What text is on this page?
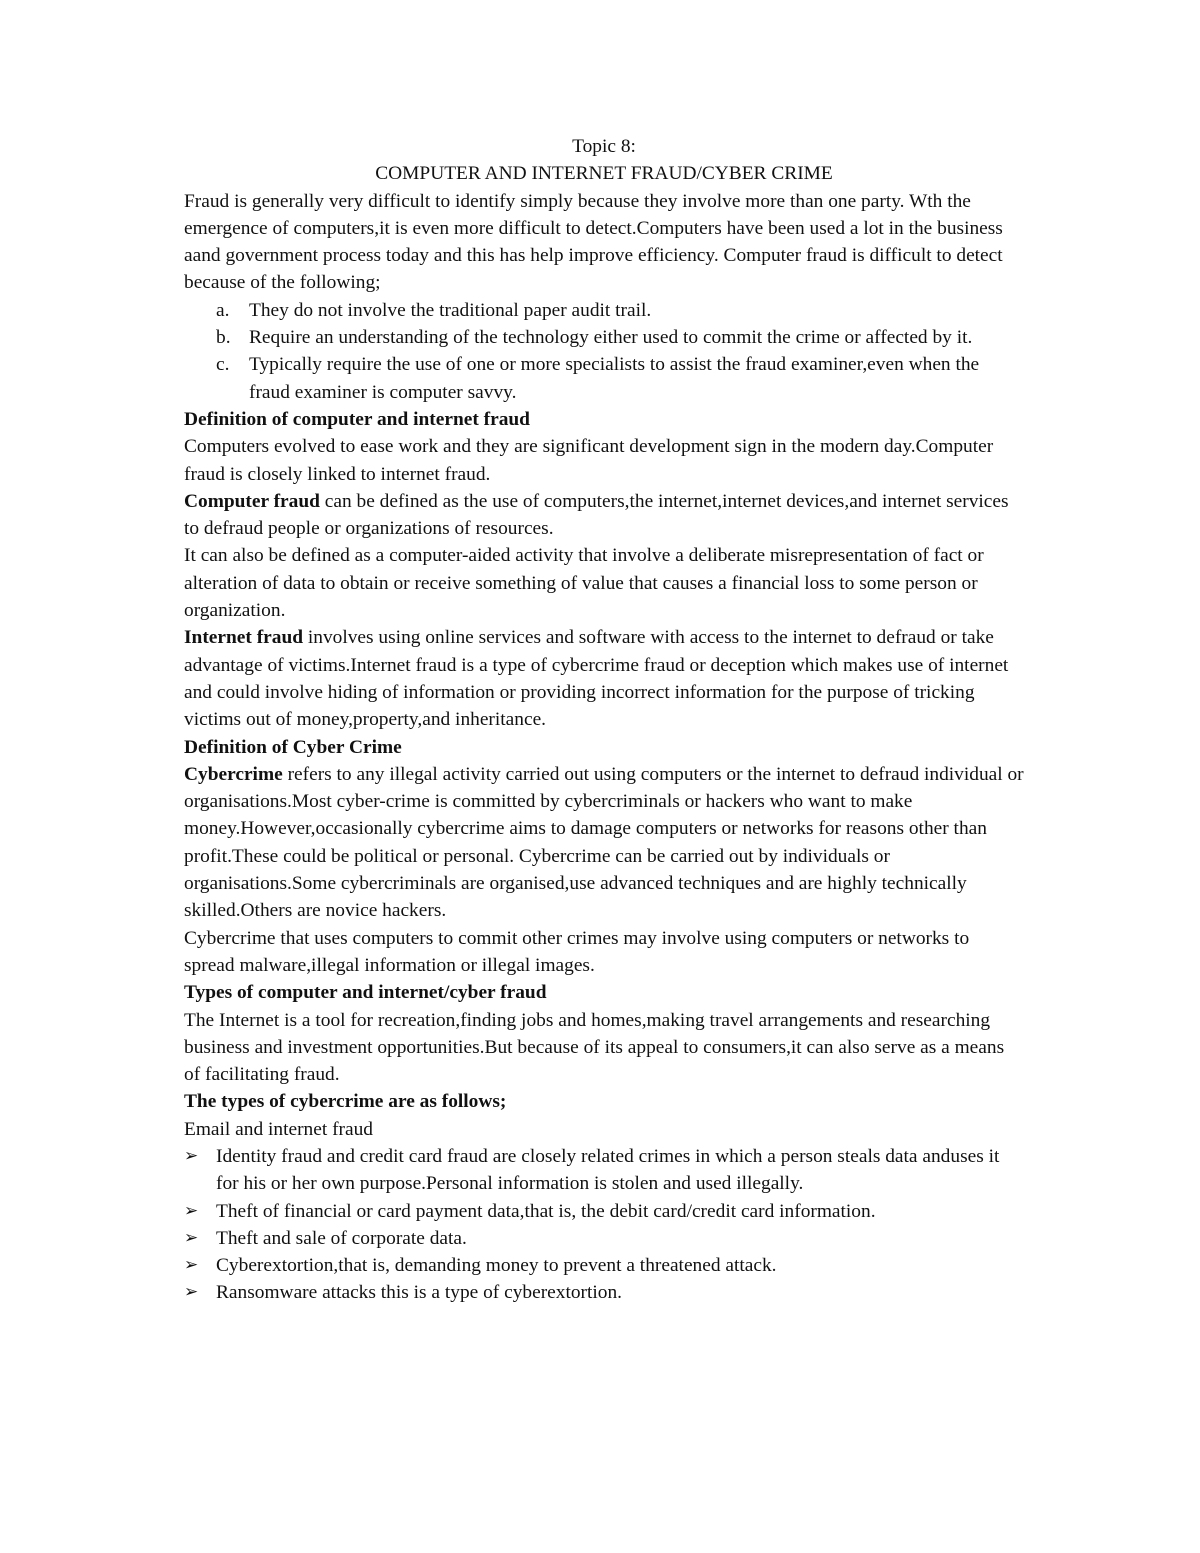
Topic 8:

COMPUTER AND INTERNET FRAUD/CYBER CRIME

Fraud is generally very difficult to identify simply because they involve more than one party. Wth the emergence of computers,it is even more difficult to detect.Computers have been used a lot in the business aand government process today and this has help improve efficiency. Computer fraud is difficult to detect because of the following;

a. They do not involve the traditional paper audit trail.
b. Require an understanding of the technology either used to commit the crime or affected by it.
c. Typically require the use of one or more specialists to assist the fraud examiner,even when the fraud examiner is computer savvy.

Definition of computer and internet fraud

Computers evolved to ease work and they are significant development sign in the modern day.Computer fraud is closely linked to internet fraud.

Computer fraud can be defined as the use of computers,the internet,internet devices,and internet services to defraud people or organizations of resources.

It can also be defined as a computer-aided activity that involve a deliberate misrepresentation of fact or alteration of data to obtain or receive something of value that causes a financial loss to some person or organization.

Internet fraud involves using online services and software with access to the internet to defraud or take advantage of victims.Internet fraud is a type of cybercrime fraud or deception which makes use of internet and could involve hiding of information or providing incorrect information for the purpose of tricking victims out of money,property,and inheritance.

Definition of Cyber Crime

Cybercrime refers to any illegal activity carried out using computers or the internet to defraud individual or organisations.Most cyber-crime is committed by cybercriminals or hackers who want to make money.However,occasionally cybercrime aims to damage computers or networks for reasons other than profit.These could be political or personal. Cybercrime can be carried out by individuals or organisations.Some cybercriminals are organised,use advanced techniques and are highly technically skilled.Others are novice hackers.

Cybercrime that uses computers to commit other crimes may involve using computers or networks to spread malware,illegal information or illegal images.

Types of computer and internet/cyber fraud

The Internet is a tool for recreation,finding jobs and homes,making travel arrangements and researching business and investment opportunities.But because of its appeal to consumers,it can also serve as a means of facilitating fraud.

The types of cybercrime are as follows;

Email and internet fraud

➢ Identity fraud and credit card fraud are closely related crimes in which a person steals data anduses it for his or her own purpose.Personal information is stolen and used illegally.
➢ Theft of financial or card payment data,that is, the debit card/credit card information.
➢ Theft and sale of corporate data.
➢ Cyberextortion,that is, demanding money to prevent a threatened attack.
➢ Ransomware attacks this is a type of cyberextortion.
